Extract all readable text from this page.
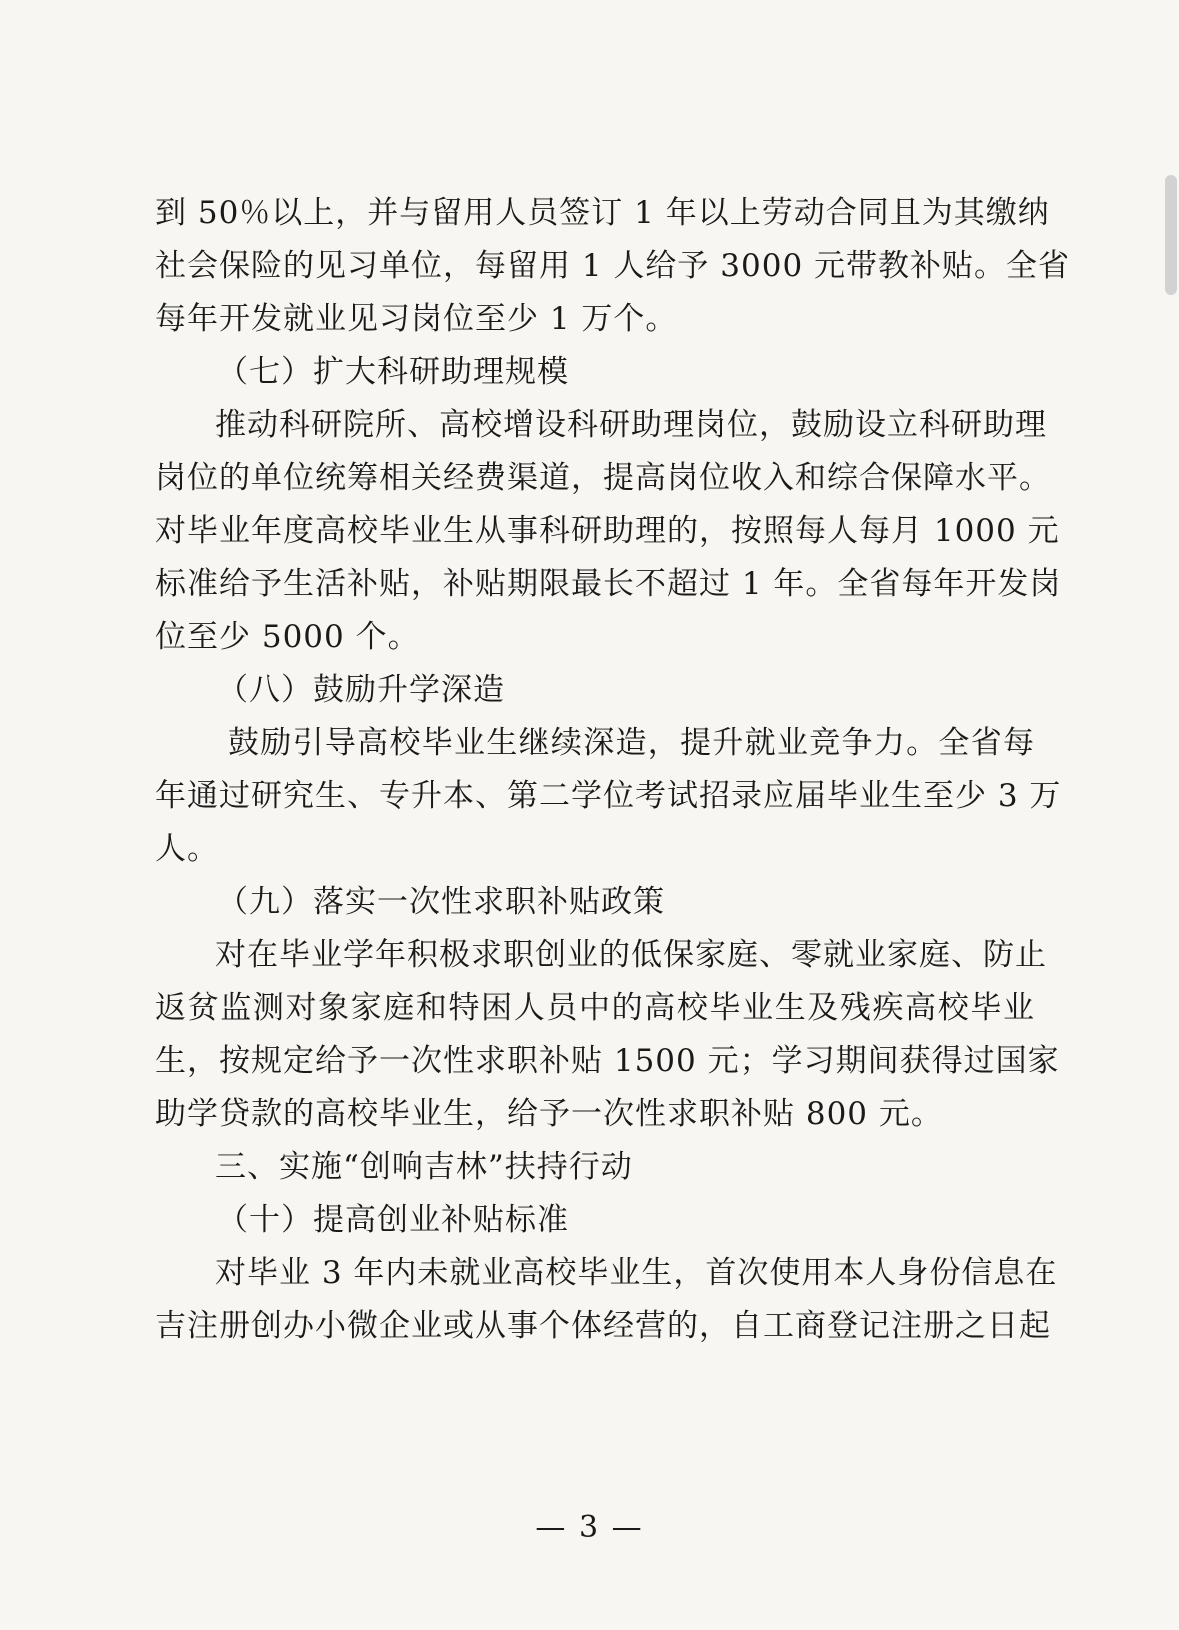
到 50％以上，并与留用人员签订 1 年以上劳动合同且为其缴纳
社会保险的见习单位，每留用 1 人给予 3000 元带教补贴。全省
每年开发就业见习岗位至少 1 万个。
（七）扩大科研助理规模
推动科研院所、高校增设科研助理岗位，鼓励设立科研助理
岗位的单位统筹相关经费渠道，提高岗位收入和综合保障水平。
对毕业年度高校毕业生从事科研助理的，按照每人每月 1000 元
标准给予生活补贴，补贴期限最长不超过 1 年。全省每年开发岗
位至少 5000 个。
（八）鼓励升学深造
鼓励引导高校毕业生继续深造，提升就业竞争力。全省每
年通过研究生、专升本、第二学位考试招录应届毕业生至少 3 万
人。
（九）落实一次性求职补贴政策
对在毕业学年积极求职创业的低保家庭、零就业家庭、防止
返贫监测对象家庭和特困人员中的高校毕业生及残疾高校毕业
生，按规定给予一次性求职补贴 1500 元；学习期间获得过国家
助学贷款的高校毕业生，给予一次性求职补贴 800 元。
三、实施“创响吉林”扶持行动
（十）提高创业补贴标准
对毕业 3 年内未就业高校毕业生，首次使用本人身份信息在
吉注册创办小微企业或从事个体经营的，自工商登记注册之日起
— 3 —
